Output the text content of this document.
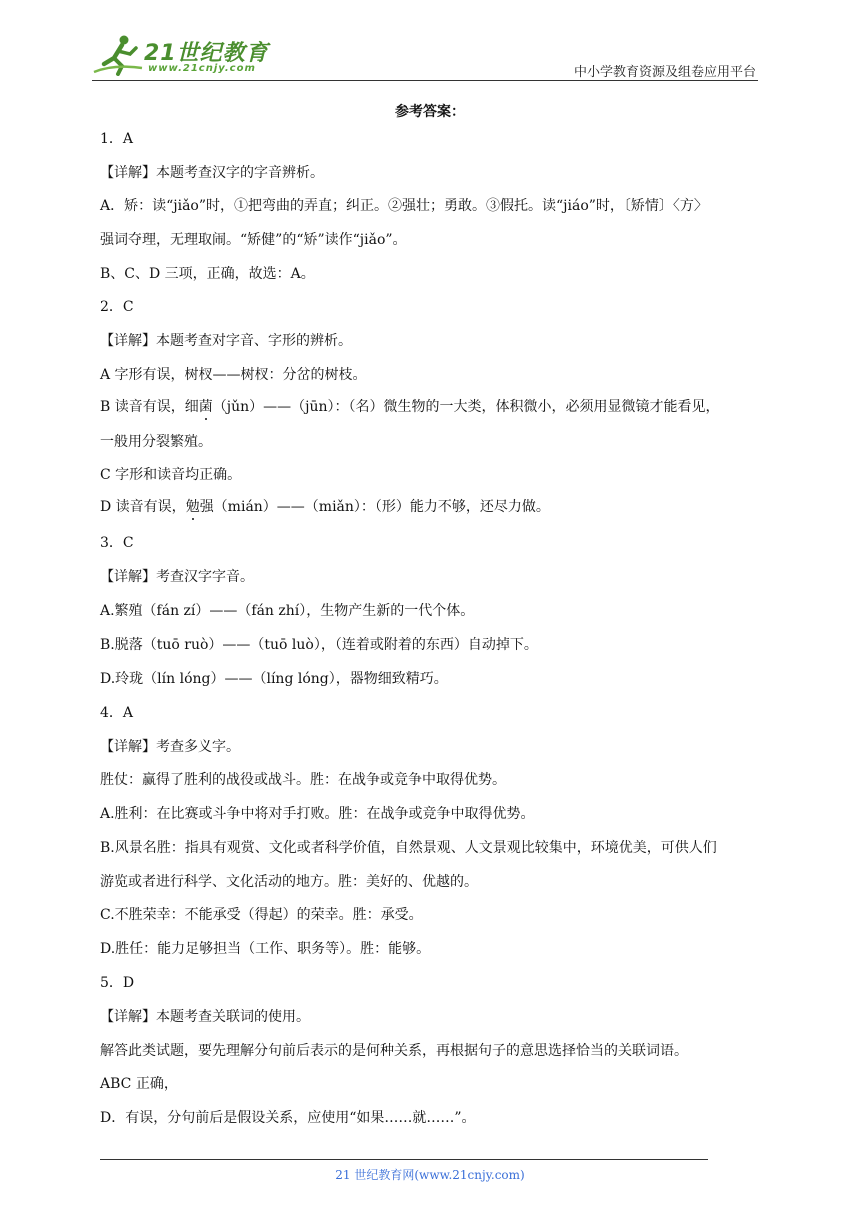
21世纪教育
www.21cnjy.com	中小学教育资源及组卷应用平台
参考答案：
1．A
【详解】本题考查汉字的字音辨析。
A．矫：读“jiǎo”时，①把弯曲的弄直；纠正。②强壮；勇敢。③假托。读“jiáo”时，〔矫情〕〈方〉
强词夺理，无理取闹。“矫健”的“矫”读作“jiǎo”。
B、C、D 三项，正确，故选：A。
2．C
【详解】本题考查对字音、字形的辨析。
A 字形有误，树杈——树杈：分岔的树枝。
B 读音有误，细菌（jǔn）——（jūn）：（名）微生物的一大类，体积微小，必须用显微镜才能看见，
一般用分裂繁殖。
C 字形和读音均正确。
D 读音有误，勉强（mián）——（miǎn）：（形）能力不够，还尽力做。
3．C
【详解】考查汉字字音。
A.繁殖（fán zí）——（fán zhí），生物产生新的一代个体。
B.脱落（tuō ruò）——（tuō luò），（连着或附着的东西）自动掉下。
D.玲珑（lín lóng）——（líng lóng），器物细致精巧。
4．A
【详解】考查多义字。
胜仗：赢得了胜利的战役或战斗。胜：在战争或竞争中取得优势。
A.胜利：在比赛或斗争中将对手打败。胜：在战争或竞争中取得优势。
B.风景名胜：指具有观赏、文化或者科学价值，自然景观、人文景观比较集中，环境优美，可供人们
游览或者进行科学、文化活动的地方。胜：美好的、优越的。
C.不胜荣幸：不能承受（得起）的荣幸。胜：承受。
D.胜任：能力足够担当（工作、职务等）。胜：能够。
5．D
【详解】本题考查关联词的使用。
解答此类试题，要先理解分句前后表示的是何种关系，再根据句子的意思选择恰当的关联词语。
ABC 正确，
D．有误，分句前后是假设关系，应使用“如果……就……”。
21 世纪教育网(www.21cnjy.com)
